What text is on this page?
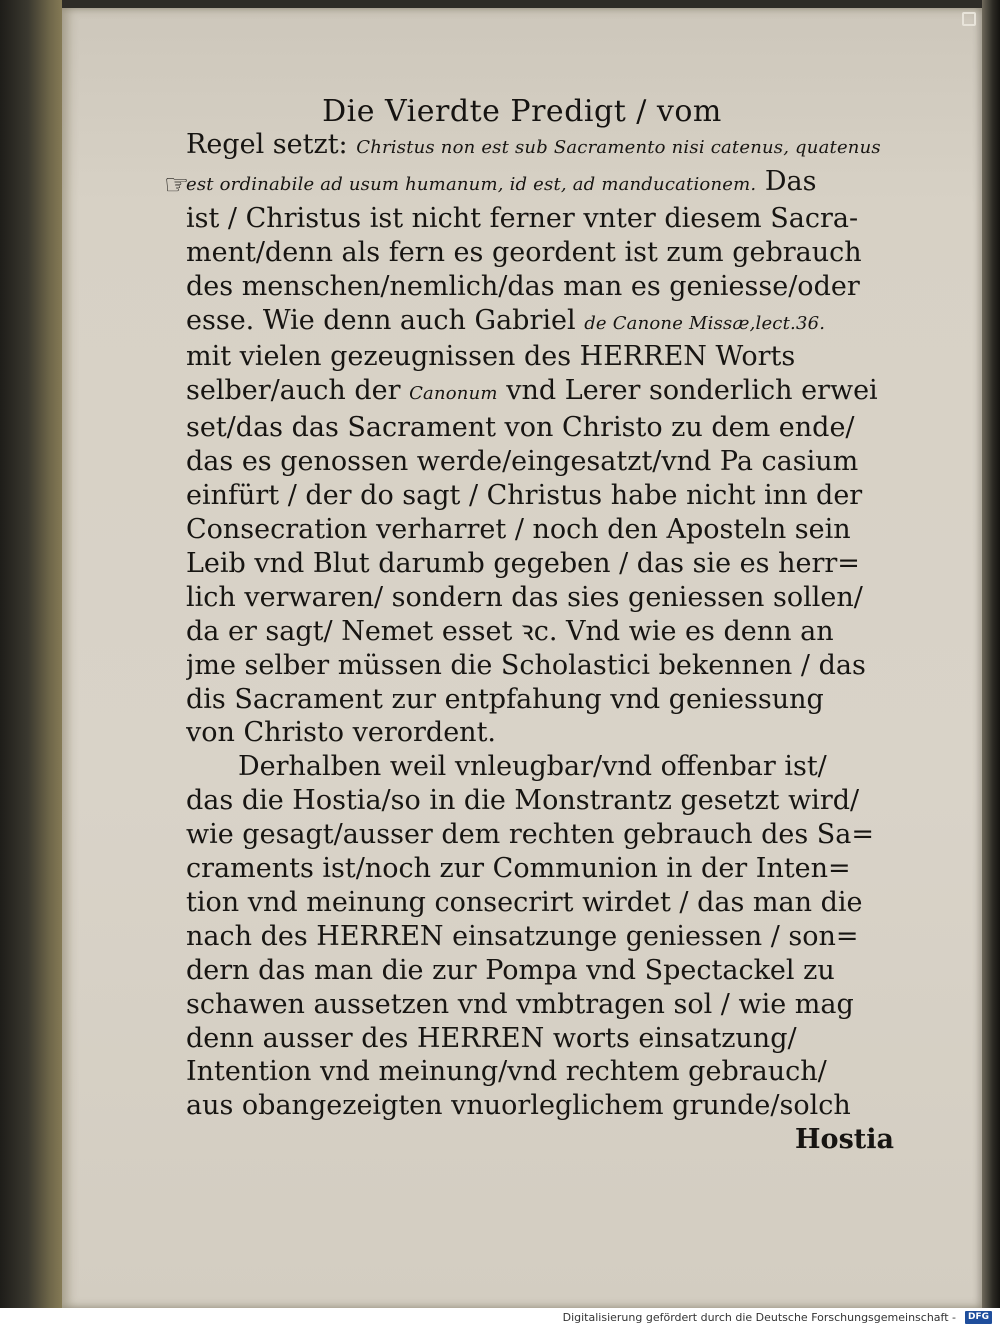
Die Vierdte Predigt / vom
☞
Regel setzt: Christus non est sub Sacramento nisi catenus, quatenus
est ordinabile ad usum humanum, id est, ad manducationem. Das
ist / Christus ist nicht ferner vnter diesem Sacra-
ment/denn als fern es geordent ist zum gebrauch
des menschen/nemlich/das man es geniesse/oder
esse. Wie denn auch Gabriel de Canone Missæ,lect.36.
mit vielen gezeugnissen des HERREN Worts
selber/auch der Canonum vnd Lerer sonderlich erwei
set/das das Sacrament von Christo zu dem ende/
das es genossen werde/eingesatzt/vnd Pa casium
einfürt / der do sagt / Christus habe nicht inn der
Consecration verharret / noch den Aposteln sein
Leib vnd Blut darumb gegeben / das sie es herr=
lich verwaren/ sondern das sies geniessen sollen/
da er sagt/ Nemet esset ꝛc. Vnd wie es denn an
jme selber müssen die Scholastici bekennen / das
dis Sacrament zur entpfahung vnd geniessung
von Christo verordent.
Derhalben weil vnleugbar/vnd offenbar ist/
das die Hostia/so in die Monstrantz gesetzt wird/
wie gesagt/ausser dem rechten gebrauch des Sa=
craments ist/noch zur Communion in der Inten=
tion vnd meinung consecrirt wirdet / das man die
nach des HERREN einsatzunge geniessen / son=
dern das man die zur Pompa vnd Spectackel zu
schawen aussetzen vnd vmbtragen sol / wie mag
denn ausser des HERREN worts einsatzung/
Intention vnd meinung/vnd rechtem gebrauch/
aus obangezeigten vnuorleglichem grunde/solch
Hostia
Digitalisierung gefördert durch die Deutsche Forschungsgemeinschaft -	DFG
